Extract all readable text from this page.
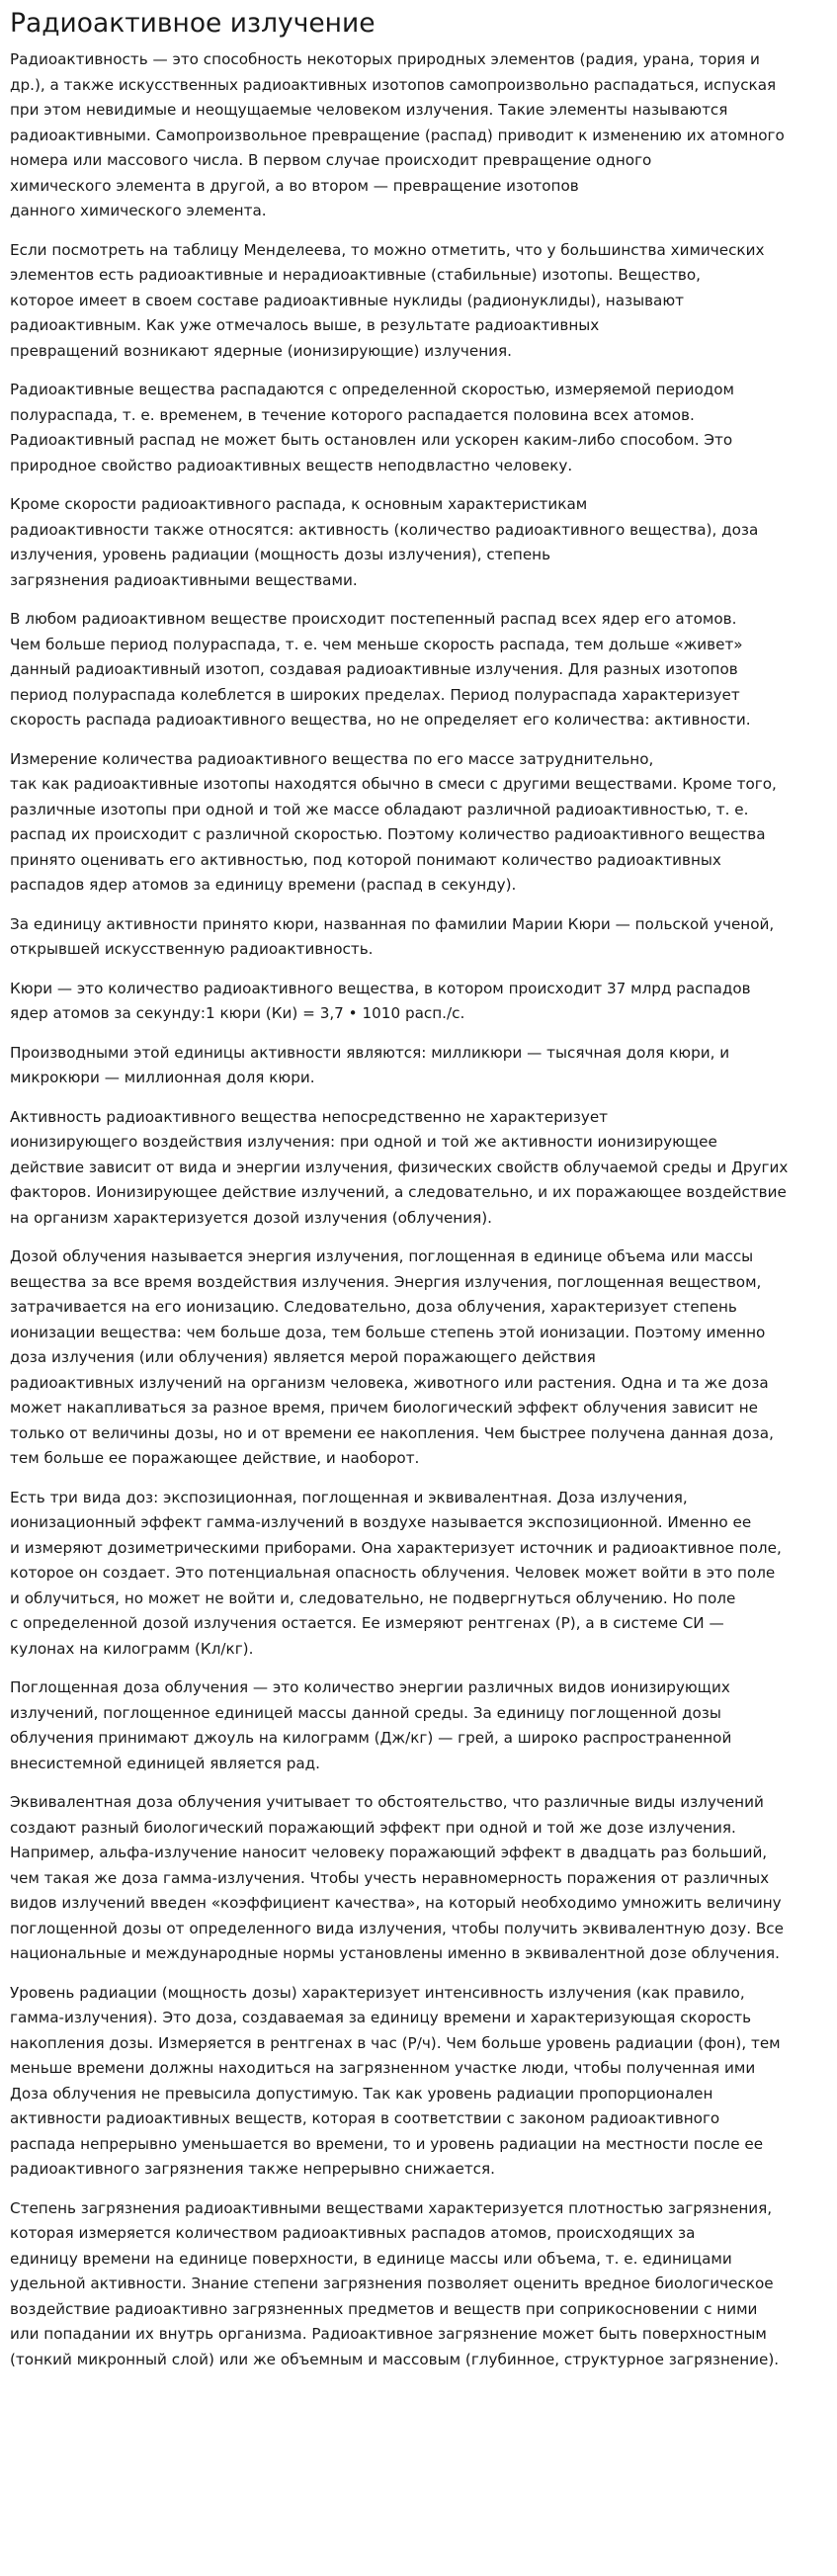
Радиоактивное излучение

Радиоактивность — это способность некоторых природных элементов (радия, урана, тория и
др.), а также искусственных радиоактивных изотопов самопроизвольно распадаться, испуская
при этом невидимые и неощущаемые человеком излучения. Такие элементы называются
радиоактивными. Самопроизвольное превращение (распад) приводит к изменению их атомного
номера или массового числа. В первом случае происходит превращение одного
химического элемента в другой, а во втором — превращение изотопов
данного химического элемента.

Если посмотреть на таблицу Менделеева, то можно отметить, что у большинства химических
элементов есть радиоактивные и нерадиоактивные (стабильные) изотопы. Вещество,
которое имеет в своем составе радиоактивные нуклиды (радионуклиды), называют
радиоактивным. Как уже отмечалось выше, в результате радиоактивных
превращений возникают ядерные (ионизирующие) излучения.

Радиоактивные вещества распадаются с определенной скоростью, измеряемой периодом
полураспада, т. е. временем, в течение которого распадается половина всех атомов.
Радиоактивный распад не может быть остановлен или ускорен каким-либо способом. Это
природное свойство радиоактивных веществ неподвластно человеку.

Кроме скорости радиоактивного распада, к основным характеристикам
радиоактивности также относятся: активность (количество радиоактивного вещества), доза
излучения, уровень радиации (мощность дозы излучения), степень
загрязнения радиоактивными веществами.

В любом радиоактивном веществе происходит постепенный распад всех ядер его атомов.
Чем больше период полураспада, т. е. чем меньше скорость распада, тем дольше «живет»
данный радиоактивный изотоп, создавая радиоактивные излучения. Для разных изотопов
период полураспада колеблется в широких пределах. Период полураспада характеризует
скорость распада радиоактивного вещества, но не определяет его количества: активности.

Измерение количества радиоактивного вещества по его массе затруднительно,
так как радиоактивные изотопы находятся обычно в смеси с другими веществами. Кроме того,
различные изотопы при одной и той же массе обладают различной радиоактивностью, т. е.
распад их происходит с различной скоростью. Поэтому количество радиоактивного вещества
принято оценивать его активностью, под которой понимают количество радиоактивных
распадов ядер атомов за единицу времени (распад в секунду).

За единицу активности принято кюри, названная по фамилии Марии Кюри — польской ученой,
открывшей искусственную радиоактивность.

Кюри — это количество радиоактивного вещества, в котором происходит 37 млрд распадов
ядер атомов за секунду:1 кюри (Ки) = 3,7 • 1010 расп./с.

Производными этой единицы активности являются: милликюри — тысячная доля кюри, и
микрокюри — миллионная доля кюри.

Активность радиоактивного вещества непосредственно не характеризует
ионизирующего воздействия излучения: при одной и той же активности ионизирующее
действие зависит от вида и энергии излучения, физических свойств облучаемой среды и Других
факторов. Ионизирующее действие излучений, а следовательно, и их поражающее воздействие
на организм характеризуется дозой излучения (облучения).

Дозой облучения называется энергия излучения, поглощенная в единице объема или массы
вещества за все время воздействия излучения. Энергия излучения, поглощенная веществом,
затрачивается на его ионизацию. Следовательно, доза облучения, характеризует степень
ионизации вещества: чем больше доза, тем больше степень этой ионизации. Поэтому именно
доза излучения (или облучения) является мерой поражающего действия
радиоактивных излучений на организм человека, животного или растения. Одна и та же доза
может накапливаться за разное время, причем биологический эффект облучения зависит не
только от величины дозы, но и от времени ее накопления. Чем быстрее получена данная доза,
тем больше ее поражающее действие, и наоборот.

Есть три вида доз: экспозиционная, поглощенная и эквивалентная. Доза излучения,
ионизационный эффект гамма-излучений в воздухе называется экспозиционной. Именно ее
и измеряют дозиметрическими приборами. Она характеризует источник и радиоактивное поле,
которое он создает. Это потенциальная опасность облучения. Человек может войти в это поле
и облучиться, но может не войти и, следовательно, не подвергнуться облучению. Но поле
с определенной дозой излучения остается. Ее измеряют рентгенах (Р), а в системе СИ —
кулонах на килограмм (Кл/кг).

Поглощенная доза облучения — это количество энергии различных видов ионизирующих
излучений, поглощенное единицей массы данной среды. За единицу поглощенной дозы
облучения принимают джоуль на килограмм (Дж/кг) — грей, а широко распространенной
внесистемной единицей является рад.

Эквивалентная доза облучения учитывает то обстоятельство, что различные виды излучений
создают разный биологический поражающий эффект при одной и той же дозе излучения.
Например, альфа-излучение наносит человеку поражающий эффект в двадцать раз больший,
чем такая же доза гамма-излучения. Чтобы учесть неравномерность поражения от различных
видов излучений введен «коэффициент качества», на который необходимо умножить величину
поглощенной дозы от определенного вида излучения, чтобы получить эквивалентную дозу. Все
национальные и международные нормы установлены именно в эквивалентной дозе облучения.

Уровень радиации (мощность дозы) характеризует интенсивность излучения (как правило,
гамма-излучения). Это доза, создаваемая за единицу времени и характеризующая скорость
накопления дозы. Измеряется в рентгенах в час (Р/ч). Чем больше уровень радиации (фон), тем
меньше времени должны находиться на загрязненном участке люди, чтобы полученная ими
Доза облучения не превысила допустимую. Так как уровень радиации пропорционален
активности радиоактивных веществ, которая в соответствии с законом радиоактивного
распада непрерывно уменьшается во времени, то и уровень радиации на местности после ее
радиоактивного загрязнения также непрерывно снижается.

Степень загрязнения радиоактивными веществами характеризуется плотностью загрязнения,
которая измеряется количеством радиоактивных распадов атомов, происходящих за
единицу времени на единице поверхности, в единице массы или объема, т. е. единицами
удельной активности. Знание степени загрязнения позволяет оценить вредное биологическое
воздействие радиоактивно загрязненных предметов и веществ при соприкосновении с ними
или попадании их внутрь организма. Радиоактивное загрязнение может быть поверхностным
(тонкий микронный слой) или же объемным и массовым (глубинное, структурное загрязнение).
